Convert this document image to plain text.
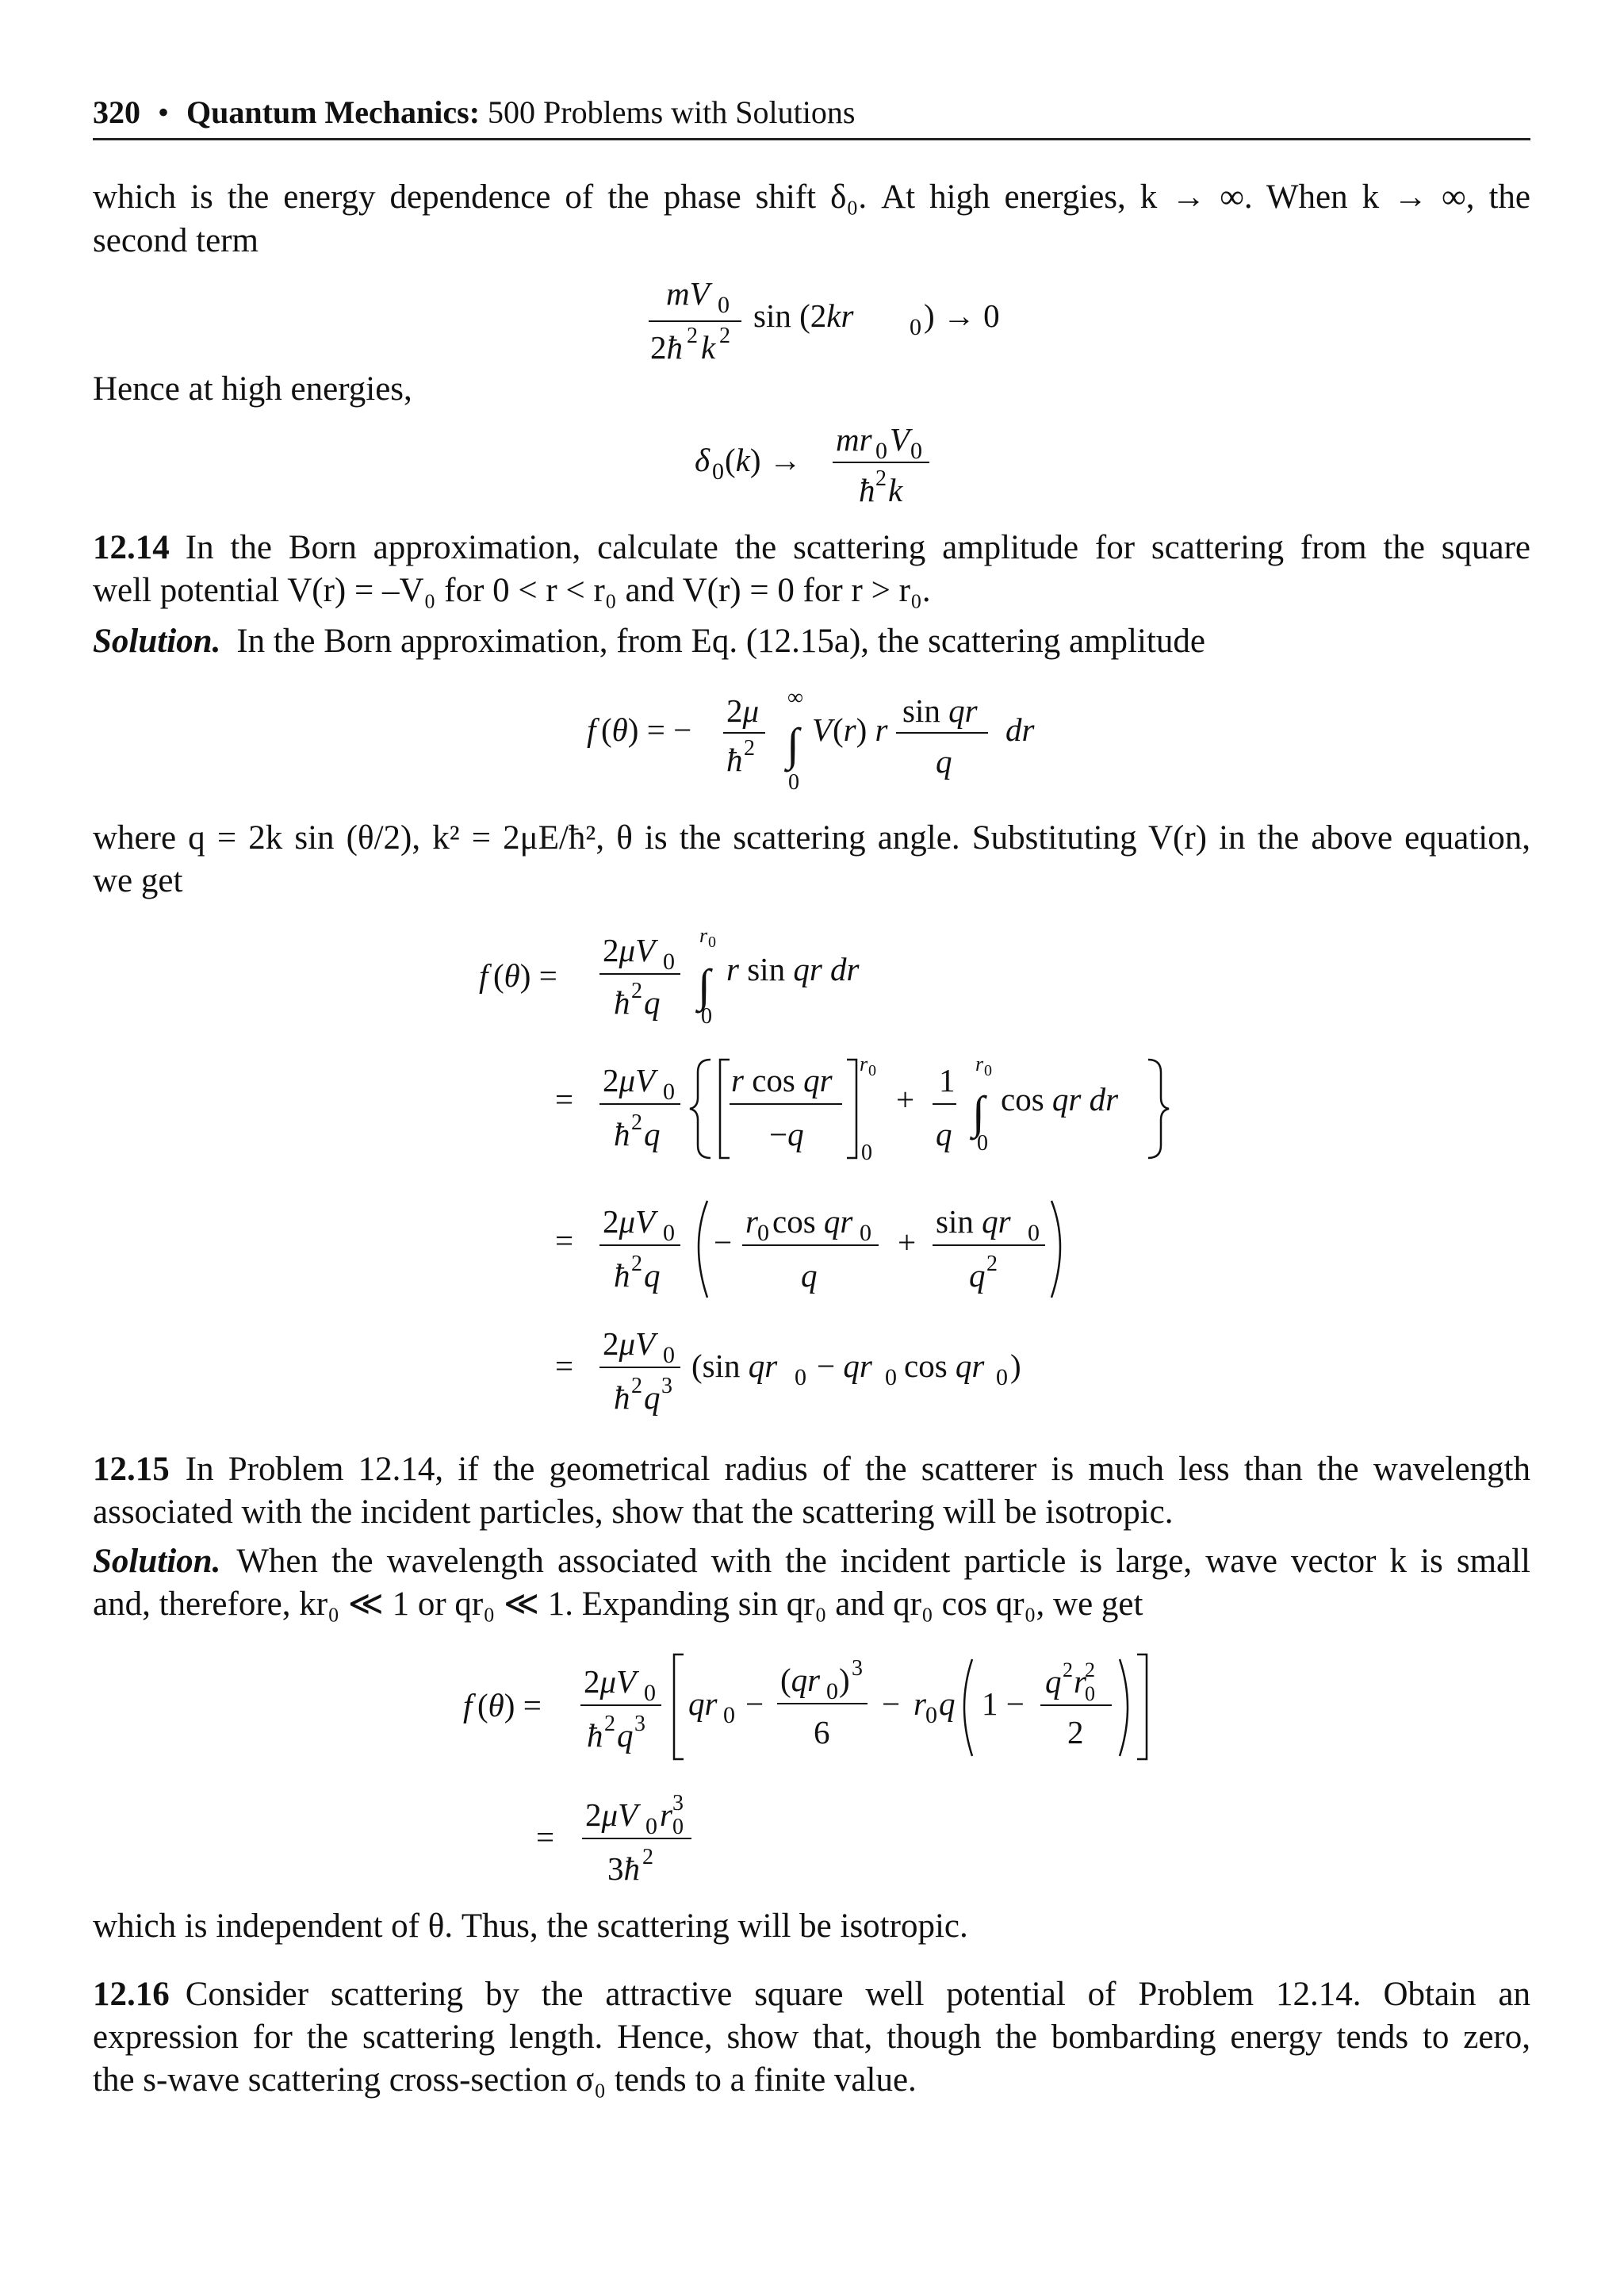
320 • Quantum Mechanics: 500 Problems with Solutions
which is the energy dependence of the phase shift δ₀. At high energies, k → ∞. When k → ∞, the
second term
mV 0
2ħ 2 k 2
sin (2kr 0 ) → 0
Hence at high energies,
δ 0 (k) →
mr 0 V 0
ħ 2 k
12.14 In the Born approximation, calculate the scattering amplitude for scattering from the square
well potential V(r) = –V₀ for 0 < r < r₀ and V(r) = 0 for r > r₀.
Solution. In the Born approximation, from Eq. (12.15a), the scattering amplitude
f (θ) = −
2μ
ħ 2
∞
∫
0
V (r) r
sin qr
q
dr
where q = 2k sin (θ/2), k² = 2μE/ħ², θ is the scattering angle. Substituting V(r) in the above equation,
we get
f (θ) =
2μV 0
ħ 2 q
r 0
∫
0
r sin qr dr
=
2μV 0
ħ 2 q
r cos qr
−q
r 0
0
+
1
q
r 0
∫
0
cos qr dr
=
2μV 0
ħ 2 q
−
r 0 cos qr 0
q
+
sin qr 0
q 2
=
2μV 0
ħ 2 q 3
(sin qr 0 − qr 0 cos qr 0 )
12.15 In Problem 12.14, if the geometrical radius of the scatterer is much less than the wavelength
associated with the incident particles, show that the scattering will be isotropic.
Solution. When the wavelength associated with the incident particle is large, wave vector k is small
and, therefore, kr₀ ≪ 1 or qr₀ ≪ 1. Expanding sin qr₀ and qr₀ cos qr₀, we get
f (θ) =
2μV 0
ħ 2 q 3
qr 0 −
(qr 0 ) 3
6
− r 0 q 1 −
q 2 r
2
0
2
=
2μV 0 r 3
0
3ħ 2
which is independent of θ. Thus, the scattering will be isotropic.
12.16 Consider scattering by the attractive square well potential of Problem 12.14. Obtain an
expression for the scattering length. Hence, show that, though the bombarding energy tends to zero,
the s-wave scattering cross-section σ₀ tends to a finite value.
